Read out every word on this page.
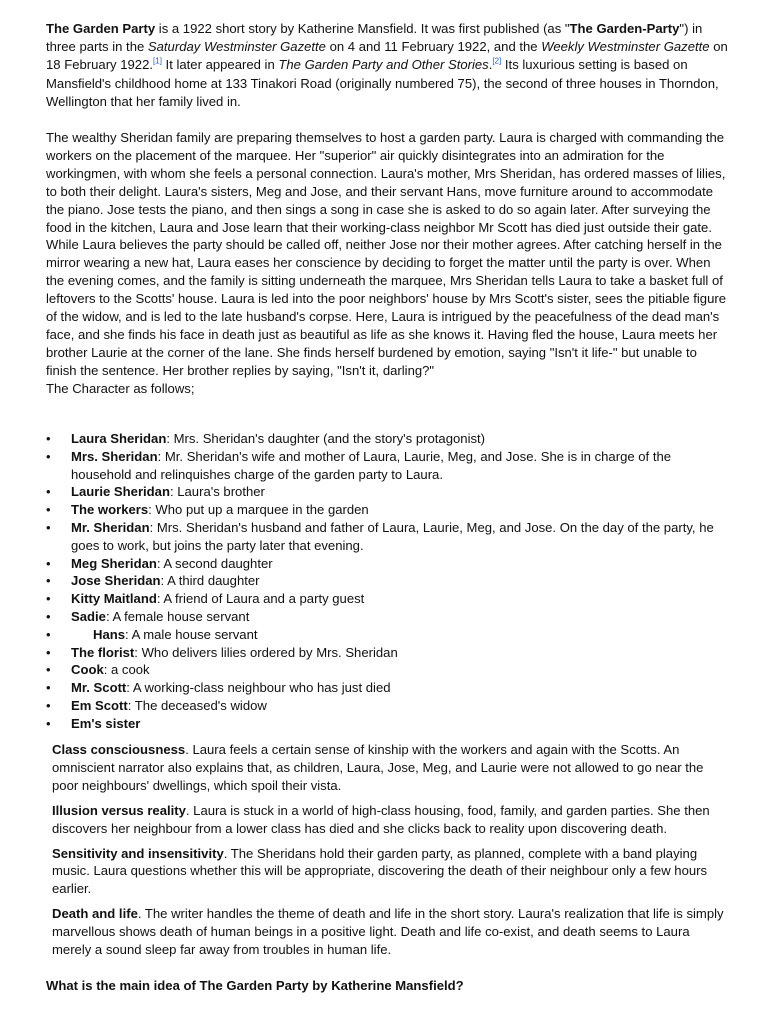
The Garden Party is a 1922 short story by Katherine Mansfield. It was first published (as "The Garden-Party") in three parts in the Saturday Westminster Gazette on 4 and 11 February 1922, and the Weekly Westminster Gazette on 18 February 1922.[1] It later appeared in The Garden Party and Other Stories.[2] Its luxurious setting is based on Mansfield's childhood home at 133 Tinakori Road (originally numbered 75), the second of three houses in Thorndon, Wellington that her family lived in.

The wealthy Sheridan family are preparing themselves to host a garden party. Laura is charged with commanding the workers on the placement of the marquee. Her "superior" air quickly disintegrates into an admiration for the workingmen, with whom she feels a personal connection. Laura's mother, Mrs Sheridan, has ordered masses of lilies, to both their delight. Laura's sisters, Meg and Jose, and their servant Hans, move furniture around to accommodate the piano. Jose tests the piano, and then sings a song in case she is asked to do so again later. After surveying the food in the kitchen, Laura and Jose learn that their working-class neighbor Mr Scott has died just outside their gate. While Laura believes the party should be called off, neither Jose nor their mother agrees. After catching herself in the mirror wearing a new hat, Laura eases her conscience by deciding to forget the matter until the party is over. When the evening comes, and the family is sitting underneath the marquee, Mrs Sheridan tells Laura to take a basket full of leftovers to the Scotts' house. Laura is led into the poor neighbors' house by Mrs Scott's sister, sees the pitiable figure of the widow, and is led to the late husband's corpse. Here, Laura is intrigued by the peacefulness of the dead man's face, and she finds his face in death just as beautiful as life as she knows it. Having fled the house, Laura meets her brother Laurie at the corner of the lane. She finds herself burdened by emotion, saying "Isn't it life-" but unable to finish the sentence. Her brother replies by saying, "Isn't it, darling?"
The Character as follows;
• Laura Sheridan: Mrs. Sheridan's daughter (and the story's protagonist)
• Mrs. Sheridan: Mr. Sheridan's wife and mother of Laura, Laurie, Meg, and Jose. She is in charge of the household and relinquishes charge of the garden party to Laura.
• Laurie Sheridan: Laura's brother
• The workers: Who put up a marquee in the garden
• Mr. Sheridan: Mrs. Sheridan's husband and father of Laura, Laurie, Meg, and Jose. On the day of the party, he goes to work, but joins the party later that evening.
• Meg Sheridan: A second daughter
• Jose Sheridan: A third daughter
• Kitty Maitland: A friend of Laura and a party guest
• Sadie: A female house servant
•	Hans: A male house servant
• The florist: Who delivers lilies ordered by Mrs. Sheridan
• Cook: a cook
• Mr. Scott: A working-class neighbour who has just died
• Em Scott: The deceased's widow
• Em's sister

Class consciousness. Laura feels a certain sense of kinship with the workers and again with the Scotts. An omniscient narrator also explains that, as children, Laura, Jose, Meg, and Laurie were not allowed to go near the poor neighbours' dwellings, which spoil their vista.

Illusion versus reality. Laura is stuck in a world of high-class housing, food, family, and garden parties. She then discovers her neighbour from a lower class has died and she clicks back to reality upon discovering death.

Sensitivity and insensitivity. The Sheridans hold their garden party, as planned, complete with a band playing music. Laura questions whether this will be appropriate, discovering the death of their neighbour only a few hours earlier.

Death and life. The writer handles the theme of death and life in the short story. Laura's realization that life is simply marvellous shows death of human beings in a positive light. Death and life co-exist, and death seems to Laura merely a sound sleep far away from troubles in human life.

What is the main idea of The Garden Party by Katherine Mansfield?
